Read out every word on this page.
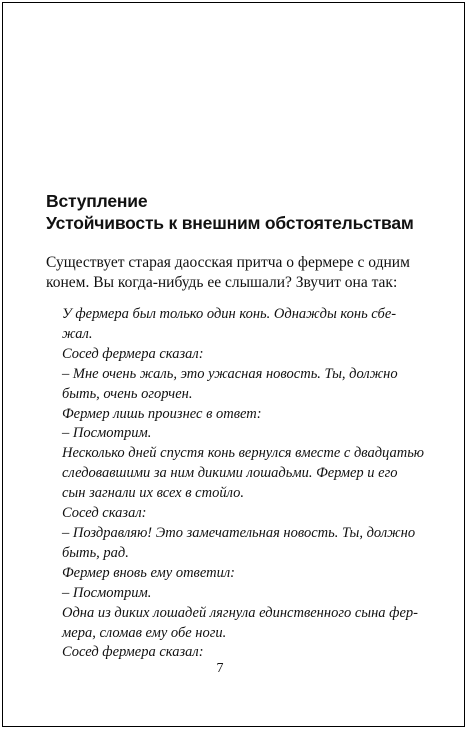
Вступление
Устойчивость к внешним обстоятельствам
Существует старая даосская притча о фермере с одним
конем. Вы когда-нибудь ее слышали? Звучит она так:
У фермера был только один конь. Однажды конь сбе-
жал.
Сосед фермера сказал:
– Мне очень жаль, это ужасная новость. Ты, должно
быть, очень огорчен.
Фермер лишь произнес в ответ:
– Посмотрим.
Несколько дней спустя конь вернулся вместе с двадцатью
следовавшими за ним дикими лошадьми. Фермер и его
сын загнали их всех в стойло.
Сосед сказал:
– Поздравляю! Это замечательная новость. Ты, должно
быть, рад.
Фермер вновь ему ответил:
– Посмотрим.
Одна из диких лошадей лягнула единственного сына фер-
мера, сломав ему обе ноги.
Сосед фермера сказал:
7
